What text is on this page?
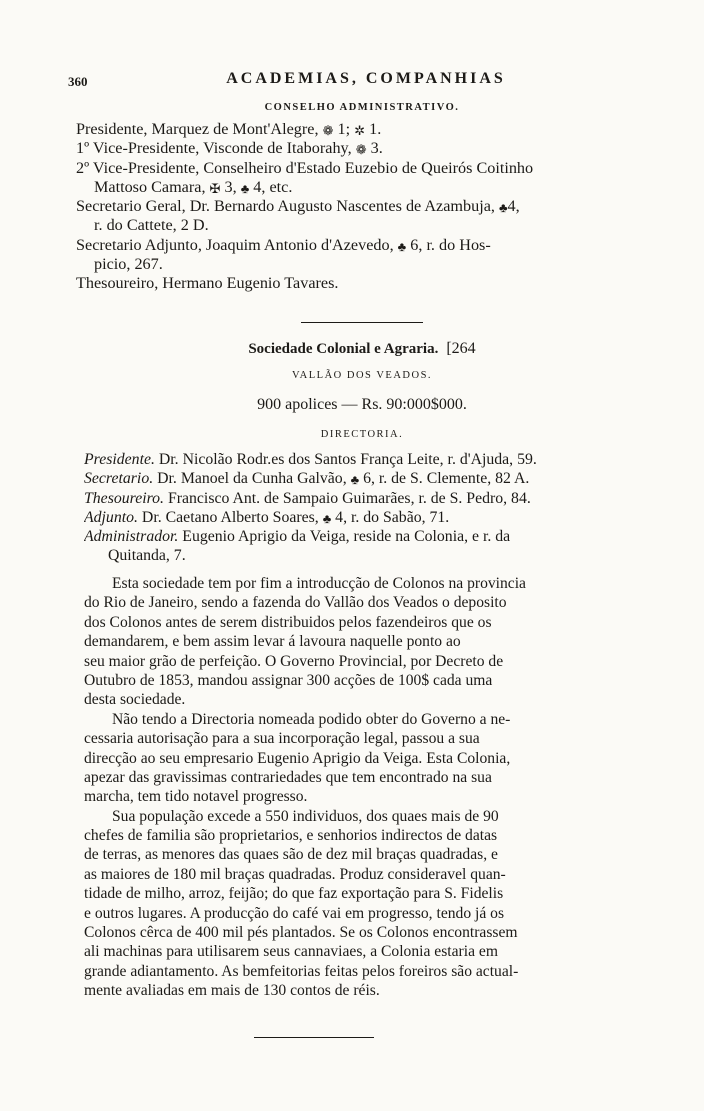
360	ACADEMIAS, COMPANHIAS
CONSELHO ADMINISTRATIVO.
Presidente, Marquez de Mont'Alegre, ❁ 1; ✲ 1.
1º Vice-Presidente, Visconde de Itaborahy, ❁ 3.
2º Vice-Presidente, Conselheiro d'Estado Euzebio de Queirós Coitinho
Mattoso Camara, ✠ 3, ♣ 4, etc.
Secretario Geral, Dr. Bernardo Augusto Nascentes de Azambuja, ♣4,
r. do Cattete, 2 D.
Secretario Adjunto, Joaquim Antonio d'Azevedo, ♣ 6, r. do Hos-
picio, 267.
Thesoureiro, Hermano Eugenio Tavares.
Sociedade Colonial e Agraria. [264
VALLÃO DOS VEADOS.
900 apolices — Rs. 90:000$000.
DIRECTORIA.
Presidente. Dr. Nicolão Rodr.es dos Santos França Leite, r. d'Ajuda, 59.
Secretario. Dr. Manoel da Cunha Galvão, ♣ 6, r. de S. Clemente, 82 A.
Thesoureiro. Francisco Ant. de Sampaio Guimarães, r. de S. Pedro, 84.
Adjunto. Dr. Caetano Alberto Soares, ♣ 4, r. do Sabão, 71.
Administrador. Eugenio Aprigio da Veiga, reside na Colonia, e r. da
Quitanda, 7.
Esta sociedade tem por fim a introducção de Colonos na provincia
do Rio de Janeiro, sendo a fazenda do Vallão dos Veados o deposito
dos Colonos antes de serem distribuidos pelos fazendeiros que os
demandarem, e bem assim levar á lavoura naquelle ponto ao
seu maior grão de perfeição. O Governo Provincial, por Decreto de
Outubro de 1853, mandou assignar 300 acções de 100$ cada uma
desta sociedade.
Não tendo a Directoria nomeada podido obter do Governo a ne-
cessaria autorisação para a sua incorporação legal, passou a sua
direcção ao seu empresario Eugenio Aprigio da Veiga. Esta Colonia,
apezar das gravissimas contrariedades que tem encontrado na sua
marcha, tem tido notavel progresso.
Sua população excede a 550 individuos, dos quaes mais de 90
chefes de familia são proprietarios, e senhorios indirectos de datas
de terras, as menores das quaes são de dez mil braças quadradas, e
as maiores de 180 mil braças quadradas. Produz consideravel quan-
tidade de milho, arroz, feijão; do que faz exportação para S. Fidelis
e outros lugares. A producção do café vai em progresso, tendo já os
Colonos cêrca de 400 mil pés plantados. Se os Colonos encontrassem
ali machinas para utilisarem seus cannaviaes, a Colonia estaria em
grande adiantamento. As bemfeitorias feitas pelos foreiros são actual-
mente avaliadas em mais de 130 contos de réis.
